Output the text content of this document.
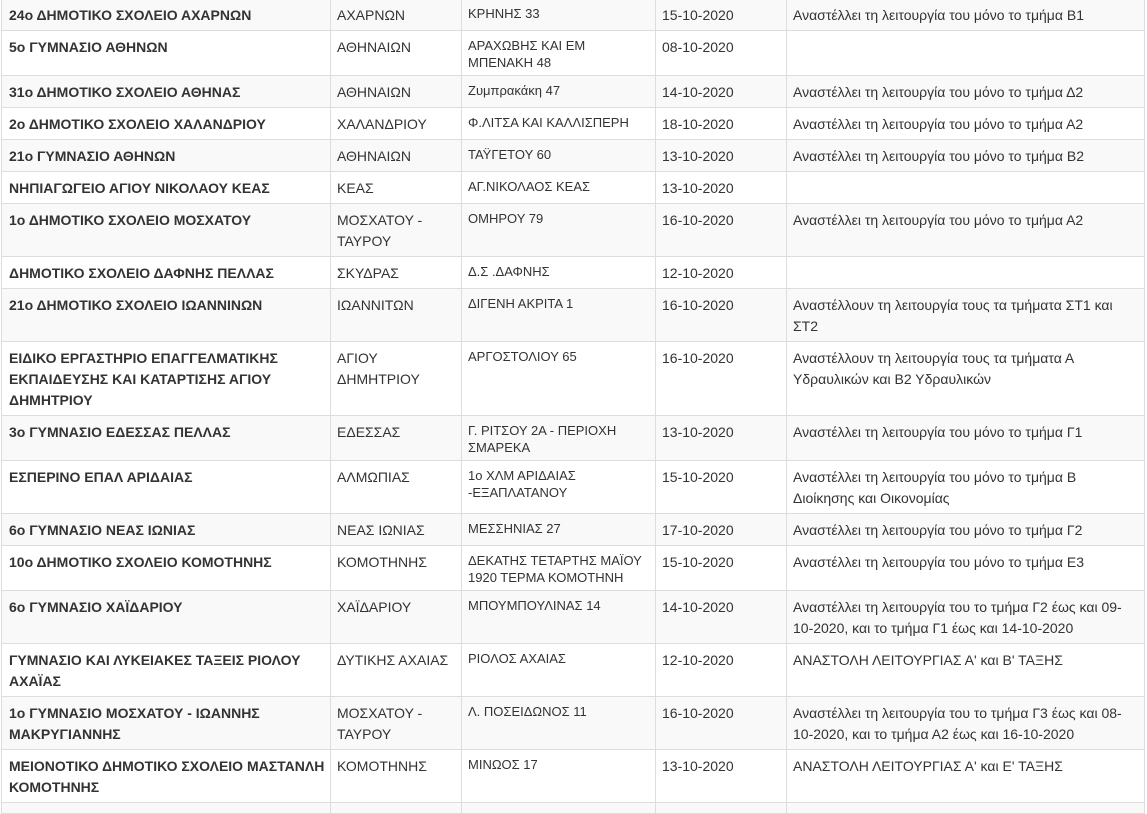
24ο ΔΗΜΟΤΙΚΟ ΣΧΟΛΕΙΟ ΑΧΑΡΝΩΝ	ΑΧΑΡΝΩΝ	ΚΡΗΝΗΣ 33	15-10-2020	Αναστέλλει τη λειτουργία του μόνο το τμήμα Β1
5ο ΓΥΜΝΑΣΙΟ ΑΘΗΝΩΝ	ΑΘΗΝΑΙΩΝ	ΑΡΑΧΩΒΗΣ ΚΑΙ ΕΜ ΜΠΕΝΑΚΗ 48	08-10-2020	
31ο ΔΗΜΟΤΙΚΟ ΣΧΟΛΕΙΟ ΑΘΗΝΑΣ	ΑΘΗΝΑΙΩΝ	Ζυμπρακάκη 47	14-10-2020	Αναστέλλει τη λειτουργία του μόνο το τμήμα Δ2
2ο ΔΗΜΟΤΙΚΟ ΣΧΟΛΕΙΟ ΧΑΛΑΝΔΡΙΟΥ	ΧΑΛΑΝΔΡΙΟΥ	Φ.ΛΙΤΣΑ ΚΑΙ ΚΑΛΛΙΣΠΕΡΗ	18-10-2020	Αναστέλλει τη λειτουργία του μόνο το τμήμα Α2
21ο ΓΥΜΝΑΣΙΟ ΑΘΗΝΩΝ	ΑΘΗΝΑΙΩΝ	ΤΑΫΓΕΤΟΥ 60	13-10-2020	Αναστέλλει τη λειτουργία του μόνο το τμήμα Β2
ΝΗΠΙΑΓΩΓΕΙΟ ΑΓΙΟΥ ΝΙΚΟΛΑΟΥ ΚΕΑΣ	ΚΕΑΣ	ΑΓ.ΝΙΚΟΛΑΟΣ ΚΕΑΣ	13-10-2020	
1ο ΔΗΜΟΤΙΚΟ ΣΧΟΛΕΙΟ ΜΟΣΧΑΤΟΥ	ΜΟΣΧΑΤΟΥ - ΤΑΥΡΟΥ	ΟΜΗΡΟΥ 79	16-10-2020	Αναστέλλει τη λειτουργία του μόνο το τμήμα Α2
ΔΗΜΟΤΙΚΟ ΣΧΟΛΕΙΟ ΔΑΦΝΗΣ ΠΕΛΛΑΣ	ΣΚΥΔΡΑΣ	Δ.Σ .ΔΑΦΝΗΣ	12-10-2020	
21ο ΔΗΜΟΤΙΚΟ ΣΧΟΛΕΙΟ ΙΩΑΝΝΙΝΩΝ	ΙΩΑΝΝΙΤΩΝ	ΔΙΓΕΝΗ ΑΚΡΙΤΑ 1	16-10-2020	Αναστέλλουν τη λειτουργία τους τα τμήματα ΣΤ1 και ΣΤ2
ΕΙΔΙΚΟ ΕΡΓΑΣΤΗΡΙΟ ΕΠΑΓΓΕΛΜΑΤΙΚΗΣ ΕΚΠΑΙΔΕΥΣΗΣ ΚΑΙ ΚΑΤΑΡΤΙΣΗΣ ΑΓΙΟΥ ΔΗΜΗΤΡΙΟΥ	ΑΓΙΟΥ ΔΗΜΗΤΡΙΟΥ	ΑΡΓΟΣΤΟΛΙΟΥ 65	16-10-2020	Αναστέλλουν τη λειτουργία τους τα τμήματα Α Υδραυλικών και Β2 Υδραυλικών
3ο ΓΥΜΝΑΣΙΟ ΕΔΕΣΣΑΣ ΠΕΛΛΑΣ	ΕΔΕΣΣΑΣ	Γ. ΡΙΤΣΟΥ 2Α - ΠΕΡΙΟΧΗ ΣΜΑΡΕΚΑ	13-10-2020	Αναστέλλει τη λειτουργία του μόνο το τμήμα Γ1
ΕΣΠΕΡΙΝΟ ΕΠΑΛ ΑΡΙΔΑΙΑΣ	ΑΛΜΩΠΙΑΣ	1ο ΧΛΜ ΑΡΙΔΑΙΑΣ -ΕΞΑΠΛΑΤΑΝΟΥ	15-10-2020	Αναστέλλει τη λειτουργία του μόνο το τμήμα Β Διοίκησης και Οικονομίας
6ο ΓΥΜΝΑΣΙΟ ΝΕΑΣ ΙΩΝΙΑΣ	ΝΕΑΣ ΙΩΝΙΑΣ	ΜΕΣΣΗΝΙΑΣ 27	17-10-2020	Αναστέλλει τη λειτουργία του μόνο το τμήμα Γ2
10ο ΔΗΜΟΤΙΚΟ ΣΧΟΛΕΙΟ ΚΟΜΟΤΗΝΗΣ	ΚΟΜΟΤΗΝΗΣ	ΔΕΚΑΤΗΣ ΤΕΤΑΡΤΗΣ ΜΑΪΟΥ 1920 ΤΕΡΜΑ ΚΟΜΟΤΗΝΗ	15-10-2020	Αναστέλλει τη λειτουργία του μόνο το τμήμα Ε3
6ο ΓΥΜΝΑΣΙΟ ΧΑΪΔΑΡΙΟΥ	ΧΑΪΔΑΡΙΟΥ	ΜΠΟΥΜΠΟΥΛΙΝΑΣ 14	14-10-2020	Αναστέλλει τη λειτουργία του το τμήμα Γ2 έως και 09-10-2020, και το τμήμα Γ1 έως και 14-10-2020
ΓΥΜΝΑΣΙΟ ΚΑΙ ΛΥΚΕΙΑΚΕΣ ΤΑΞΕΙΣ ΡΙΟΛΟΥ ΑΧΑΪΑΣ	ΔΥΤΙΚΗΣ ΑΧΑΙΑΣ	ΡΙΟΛΟΣ ΑΧΑΙΑΣ	12-10-2020	ΑΝΑΣΤΟΛΗ ΛΕΙΤΟΥΡΓΙΑΣ Α' και Β' ΤΑΞΗΣ
1ο ΓΥΜΝΑΣΙΟ ΜΟΣΧΑΤΟΥ - ΙΩΑΝΝΗΣ ΜΑΚΡΥΓΙΑΝΝΗΣ	ΜΟΣΧΑΤΟΥ - ΤΑΥΡΟΥ	Λ. ΠΟΣΕΙΔΩΝΟΣ 11	16-10-2020	Αναστέλλει τη λειτουργία του το τμήμα Γ3 έως και 08-10-2020, και το τμήμα Α2 έως και 16-10-2020
ΜΕΙΟΝΟΤΙΚΟ ΔΗΜΟΤΙΚΟ ΣΧΟΛΕΙΟ ΜΑΣΤΑΝΛΗ ΚΟΜΟΤΗΝΗΣ	ΚΟΜΟΤΗΝΗΣ	ΜΙΝΩΟΣ 17	13-10-2020	ΑΝΑΣΤΟΛΗ ΛΕΙΤΟΥΡΓΙΑΣ Α' και Ε' ΤΑΞΗΣ
